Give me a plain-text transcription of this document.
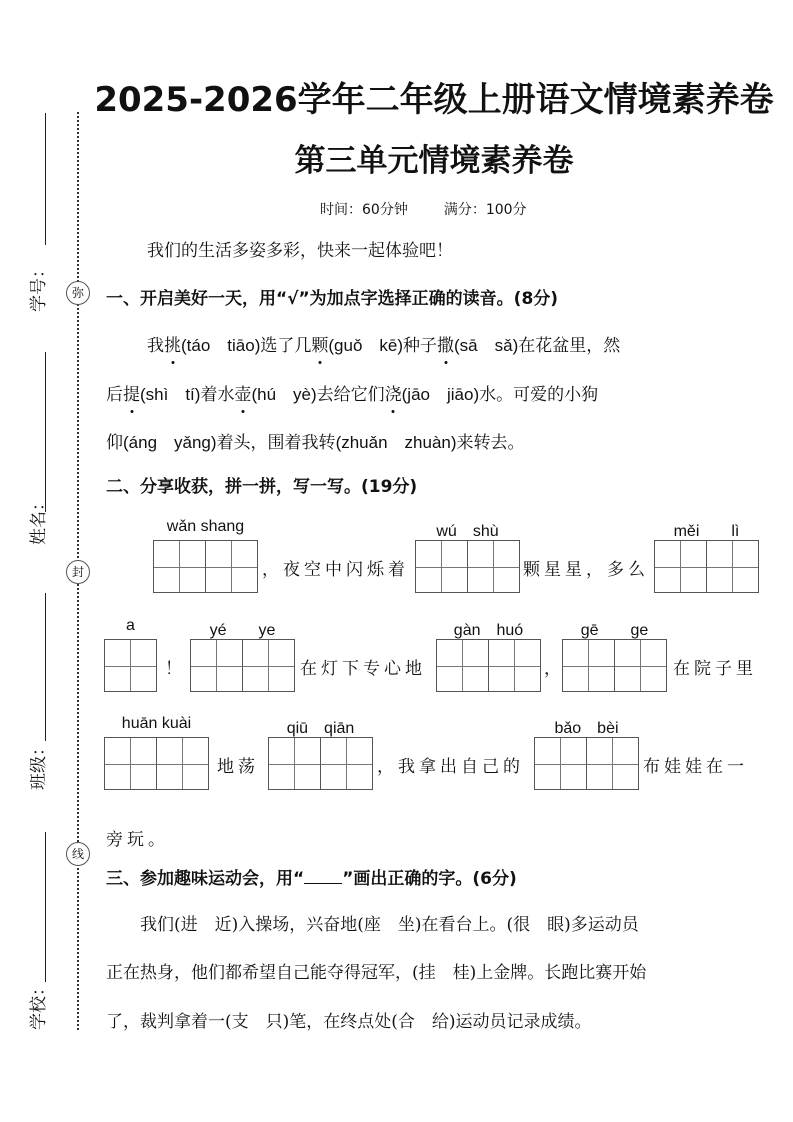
学号：
姓名：
班级：
学校：
弥
封
线
2025-2026学年二年级上册语文情境素养卷
第三单元情境素养卷
时间：60分钟	满分：100分
我们的生活多姿多彩，快来一起体验吧！
一、开启美好一天，用“√”为加点字选择正确的读音。(8分)
我挑(táo　tiāo)选了几颗(guǒ　kē)种子撒(sā　sǎ)在花盆里，然
后提(shì　tí)着水壶(hú　yè)去给它们浇(jāo　jiāo)水。可爱的小狗
仰(áng　yǎng)着头，围着我转(zhuǎn　zhuàn)来转去。
二、分享收获，拼一拼，写一写。(19分)
wǎn shang	wú　shù	měi　　lì
a	yé　　ye	gàn　huó	gē　　ge
huān kuài	qiū　qiān	bǎo　bèi
，夜空中闪烁着	颗星星，多么
！	在灯下专心地	，	在院子里
地荡	，我拿出自己的	布娃娃在一
旁玩。
三、参加趣味运动会，用“ ”画出正确的字。(6分)
　　我们(进　近)入操场，兴奋地(座　坐)在看台上。(很　眼)多运动员
正在热身，他们都希望自己能夺得冠军，(挂　桂)上金牌。长跑比赛开始
了，裁判拿着一(支　只)笔，在终点处(合　给)运动员记录成绩。
